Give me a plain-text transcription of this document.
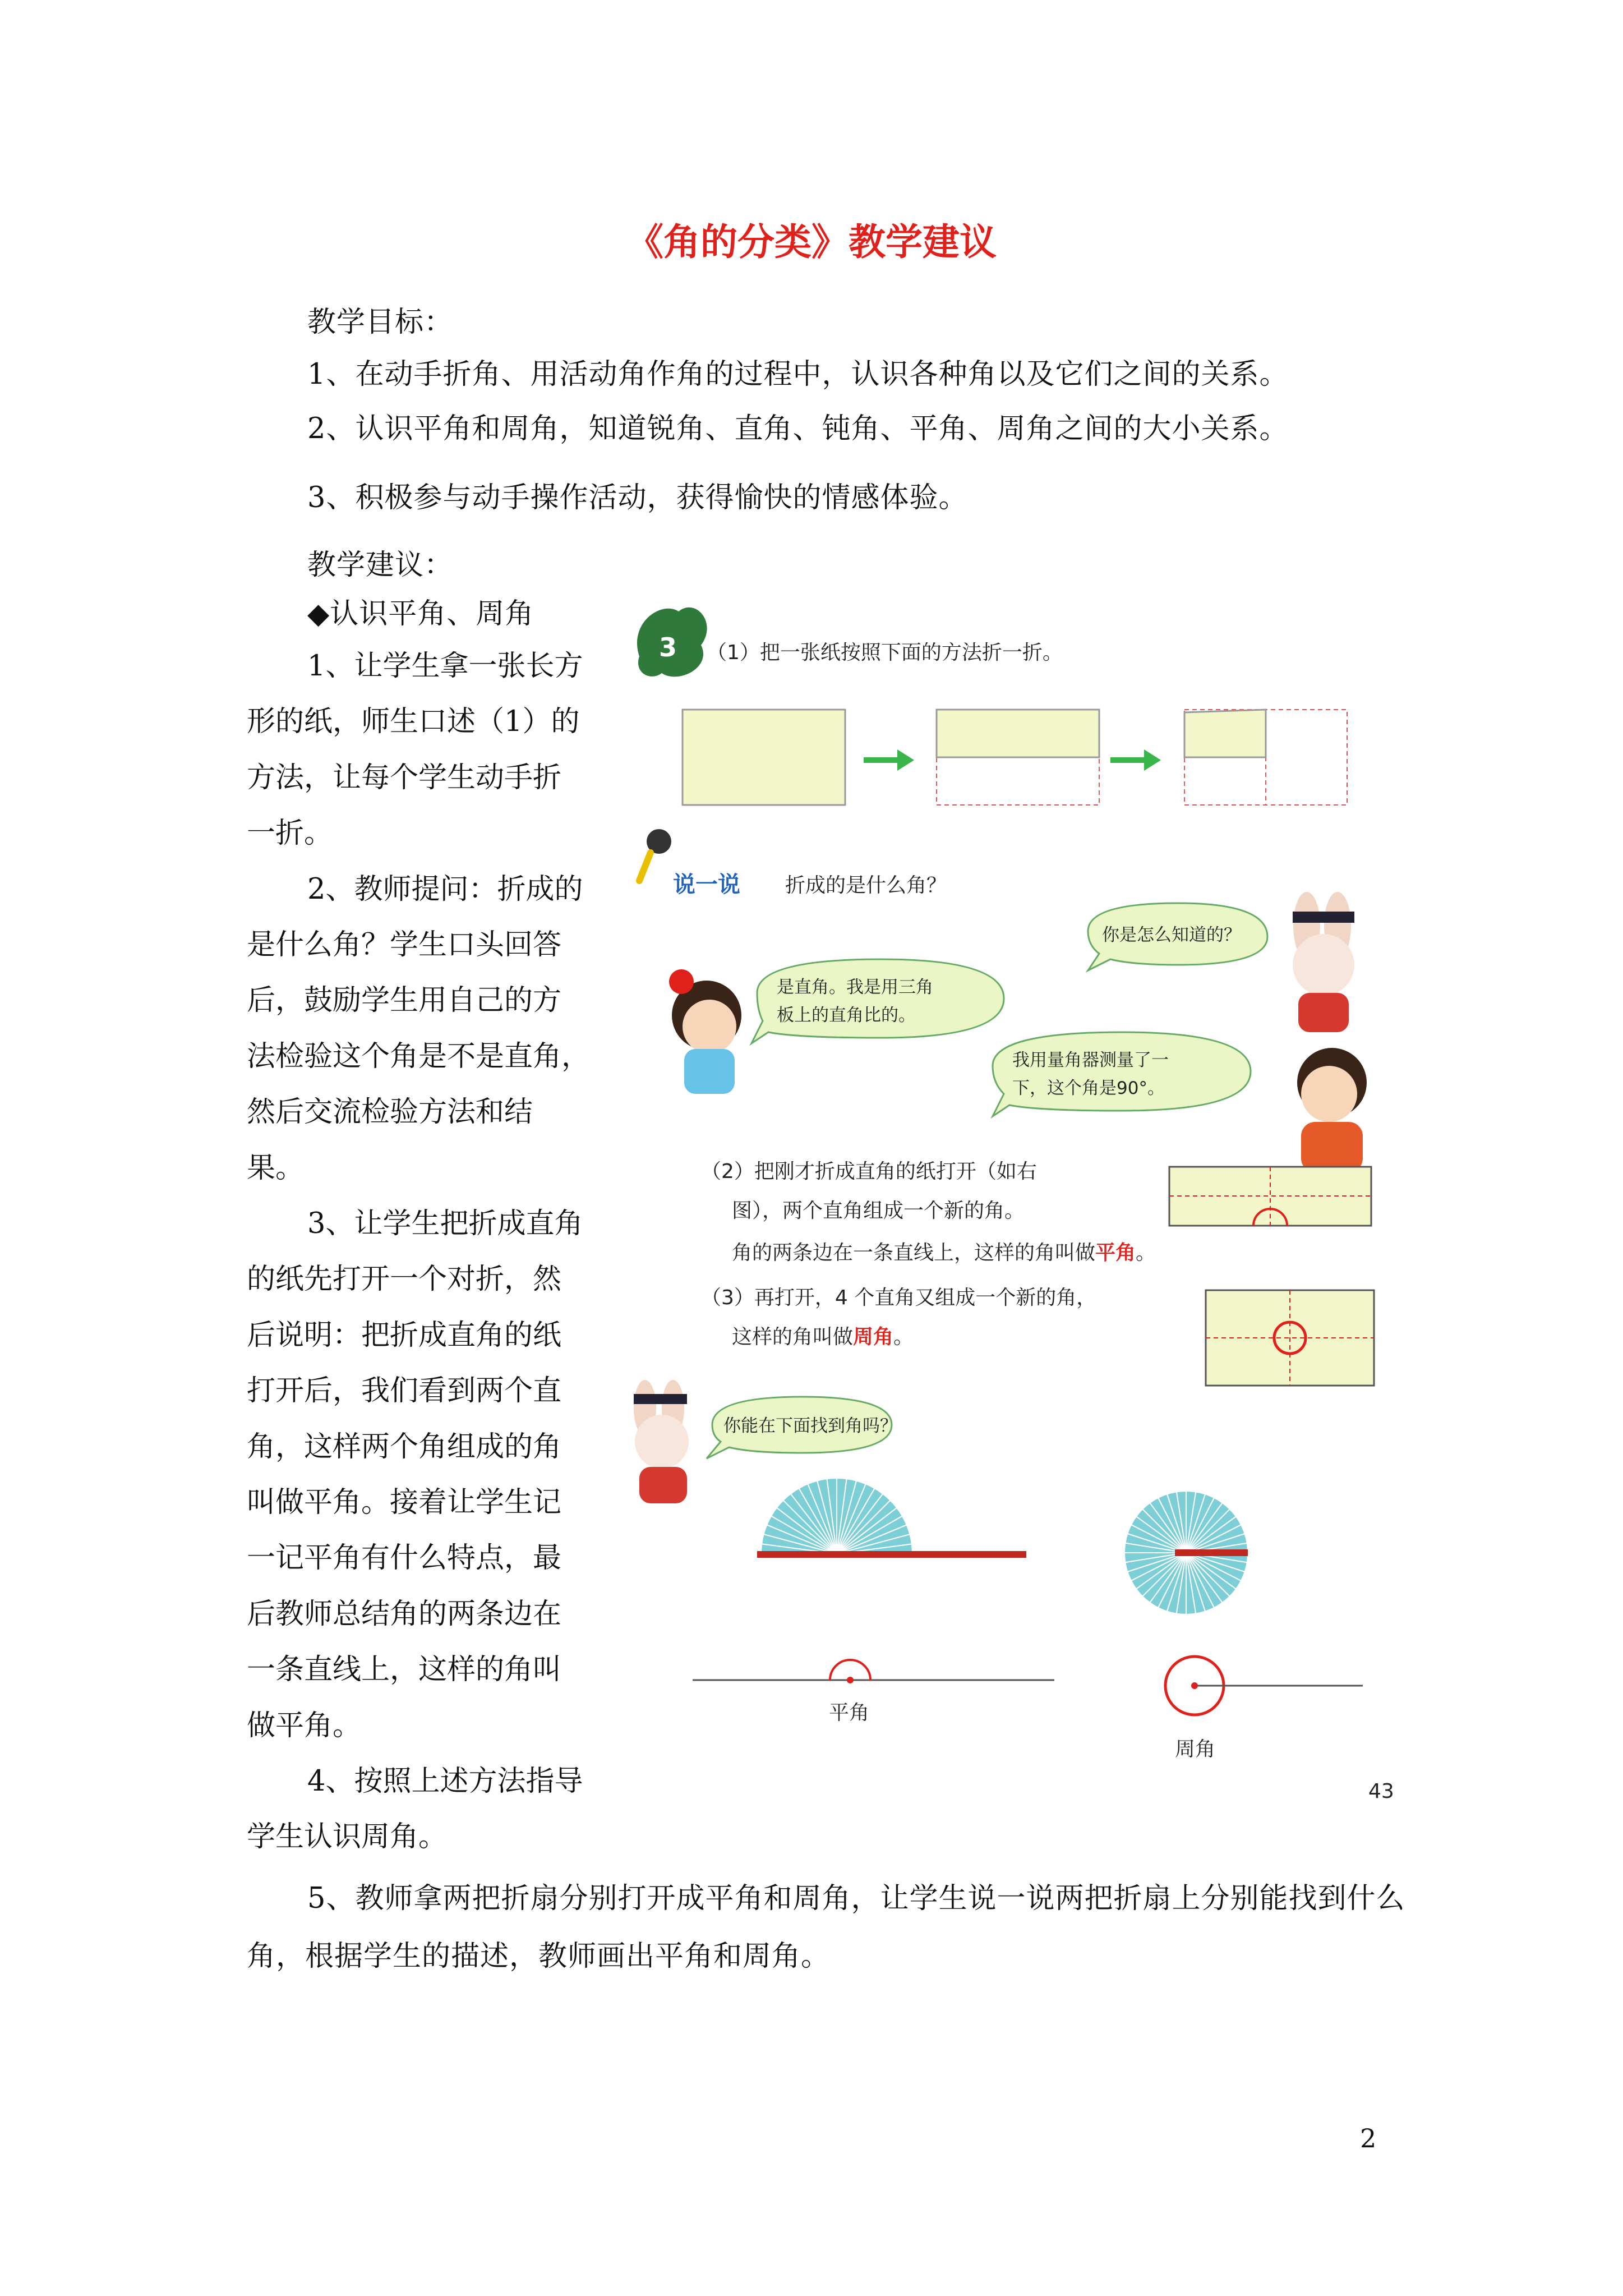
《角的分类》教学建议
教学目标：
1、在动手折角、用活动角作角的过程中，认识各种角以及它们之间的关系。
2、认识平角和周角，知道锐角、直角、钝角、平角、周角之间的大小关系。
3、积极参与动手操作活动，获得愉快的情感体验。
教学建议：
◆认识平角、周角
1、让学生拿一张长方
形的纸，师生口述（1）的
方法，让每个学生动手折
一折。
2、教师提问：折成的
是什么角？学生口头回答
后，鼓励学生用自己的方
法检验这个角是不是直角，
然后交流检验方法和结
果。
3、让学生把折成直角
的纸先打开一个对折，然
后说明：把折成直角的纸
打开后，我们看到两个直
角，这样两个角组成的角
叫做平角。接着让学生记
一记平角有什么特点，最
后教师总结角的两条边在
一条直线上，这样的角叫
做平角。
4、按照上述方法指导
学生认识周角。
5、教师拿两把折扇分别打开成平角和周角，让学生说一说两把折扇上分别能找到什么
角，根据学生的描述，教师画出平角和周角。
3 （1）把一张纸按照下面的方法折一折。
说一说 折成的是什么角？
你是怎么知道的？
是直角。我是用三角
板上的直角比的。
我用量角器测量了一
下，这个角是90°。
（2）把刚才折成直角的纸打开（如右
图），两个直角组成一个新的角。
角的两条边在一条直线上，这样的角叫做平角。
（3）再打开，4 个直角又组成一个新的角，
这样的角叫做周角。
你能在下面找到角吗？
平角
周角
43
2
